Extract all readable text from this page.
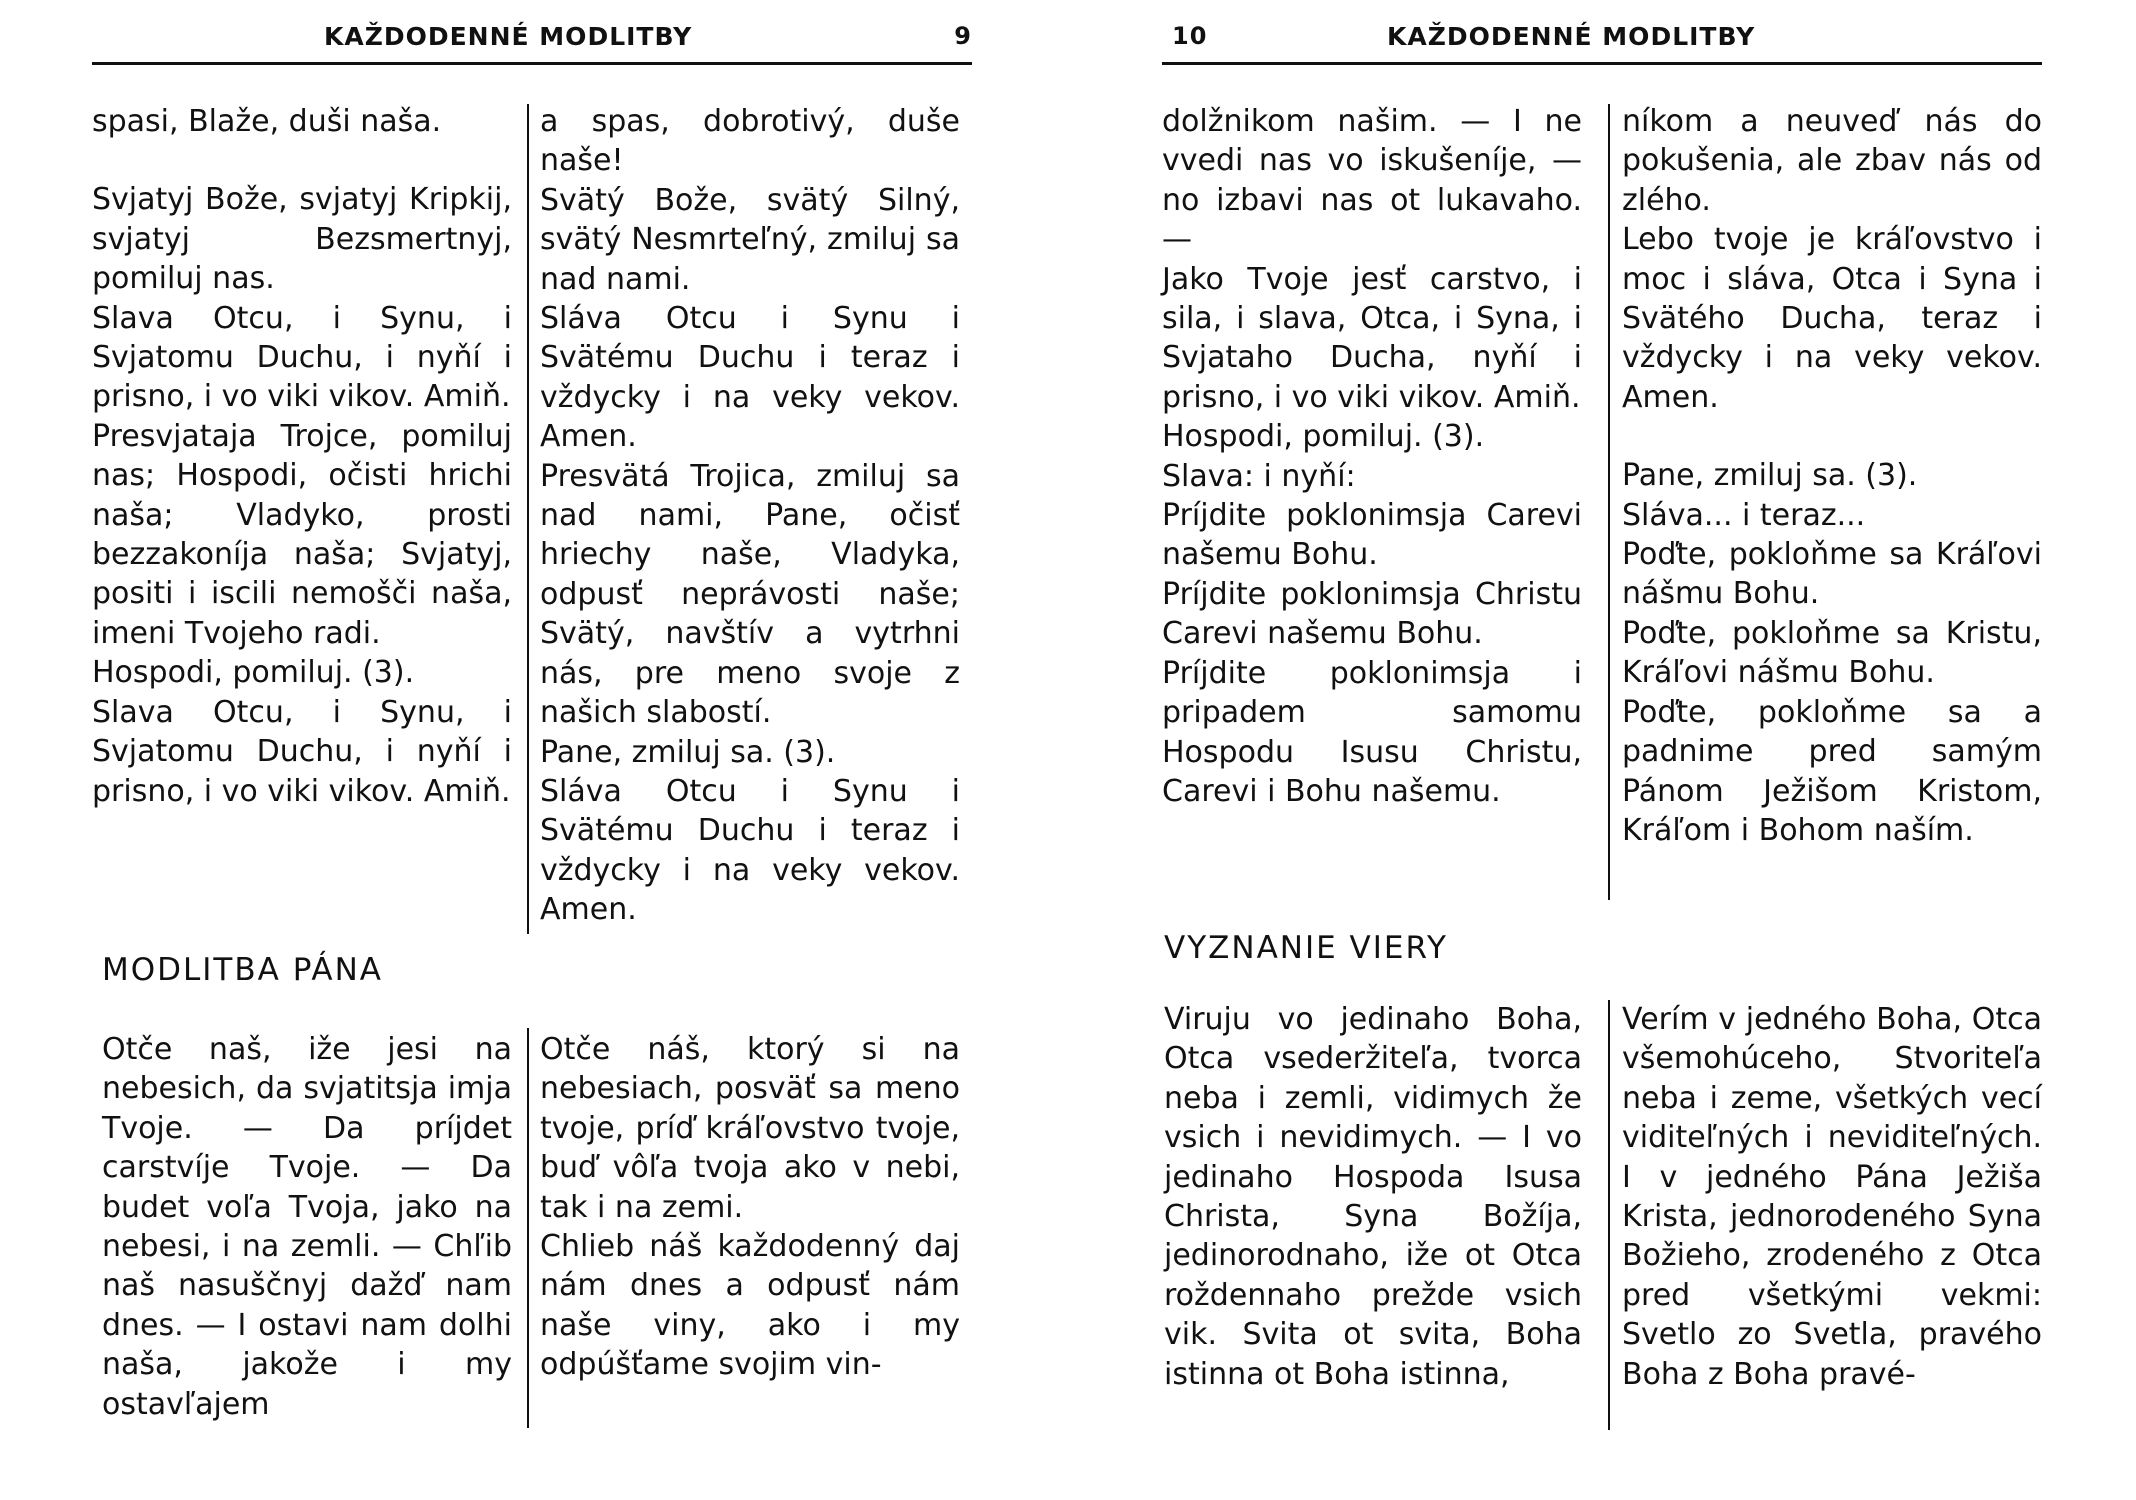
KAŽDODENNÉ MODLITBY	9

spasi, Blaže, duši naša.

Svjatyj Bože, svjatyj Kripkij, svjatyj Bezsmertnyj, pomiluj nas.

Slava Otcu, i Synu, i Svjatomu Duchu, i nyňí i prisno, i vo viki vikov. Amiň.

Presvjataja Trojce, pomiluj nas; Hospodi, očisti hrichi naša; Vladyko, prosti bezzakoníja naša; Svjatyj, positi i iscili nemošči naša, imeni Tvojeho radi.

Hospodi, pomiluj. (3).

Slava Otcu, i Synu, i Svjatomu Duchu, i nyňí i prisno, i vo viki vikov. Amiň.

a spas, dobrotivý, duše naše!

Svätý Bože, svätý Silný, svätý Nesmrteľný, zmiluj sa nad nami.

Sláva Otcu i Synu i Svätému Duchu i teraz i vždycky i na veky vekov. Amen.

Presvätá Trojica, zmiluj sa nad nami, Pane, očisť hriechy naše, Vladyka, odpusť neprávosti naše; Svätý, navštív a vytrhni nás, pre meno svoje z našich slabostí.

Pane, zmiluj sa. (3).

Sláva Otcu i Synu i Svätému Duchu i teraz i vždycky i na veky vekov. Amen.

MODLITBA PÁNA

Otče naš, iže jesi na nebesich, da svjatitsja imja Tvoje. — Da príjdet carstvíje Tvoje. — Da budet voľa Tvoja, jako na nebesi, i na zemli. — Chľib naš nasuščnyj dažď nam dnes. — I ostavi nam dolhi naša, jakože i my ostavľajem

Otče náš, ktorý si na nebesiach, posväť sa meno tvoje, príď kráľovstvo tvoje, buď vôľa tvoja ako v nebi, tak i na zemi.

Chlieb náš každodenný daj nám dnes a odpusť nám naše viny, ako i my odpúšťame svojim vin-

10	KAŽDODENNÉ MODLITBY

dolžnikom našim. — I ne vvedi nas vo iskušeníje, — no izbavi nas ot lukavaho. —

Jako Tvoje jesť carstvo, i sila, i slava, Otca, i Syna, i Svjataho Ducha, nyňí i prisno, i vo viki vikov. Amiň.

Hospodi, pomiluj. (3).

Slava: i nyňí:

Príjdite poklonimsja Carevi našemu Bohu.

Príjdite poklonimsja Christu Carevi našemu Bohu.

Príjdite poklonimsja i pripadem samomu Hospodu Isusu Christu, Carevi i Bohu našemu.

níkom a neuveď nás do pokušenia, ale zbav nás od zlého.

Lebo tvoje je kráľovstvo i moc i sláva, Otca i Syna i Svätého Ducha, teraz i vždycky i na veky vekov. Amen.

Pane, zmiluj sa. (3).

Sláva... i teraz...

Poďte, pokloňme sa Kráľovi nášmu Bohu.

Poďte, pokloňme sa Kristu, Kráľovi nášmu Bohu.

Poďte, pokloňme sa a padnime pred samým Pánom Ježišom Kristom, Kráľom i Bohom naším.

VYZNANIE VIERY

Viruju vo jedinaho Boha, Otca vsederžiteľa, tvorca neba i zemli, vidimych že vsich i nevidimych. — I vo jedinaho Hospoda Isusa Christa, Syna Božíja, jedinorodnaho, iže ot Otca roždennaho prežde vsich vik. Svita ot svita, Boha istinna ot Boha istinna,

Verím v jedného Boha, Otca všemohúceho, Stvoriteľa neba i zeme, všetkých vecí viditeľných i neviditeľných. I v jedného Pána Ježiša Krista, jednorodeného Syna Božieho, zrodeného z Otca pred všetkými vekmi: Svetlo zo Svetla, pravého Boha z Boha pravé-
